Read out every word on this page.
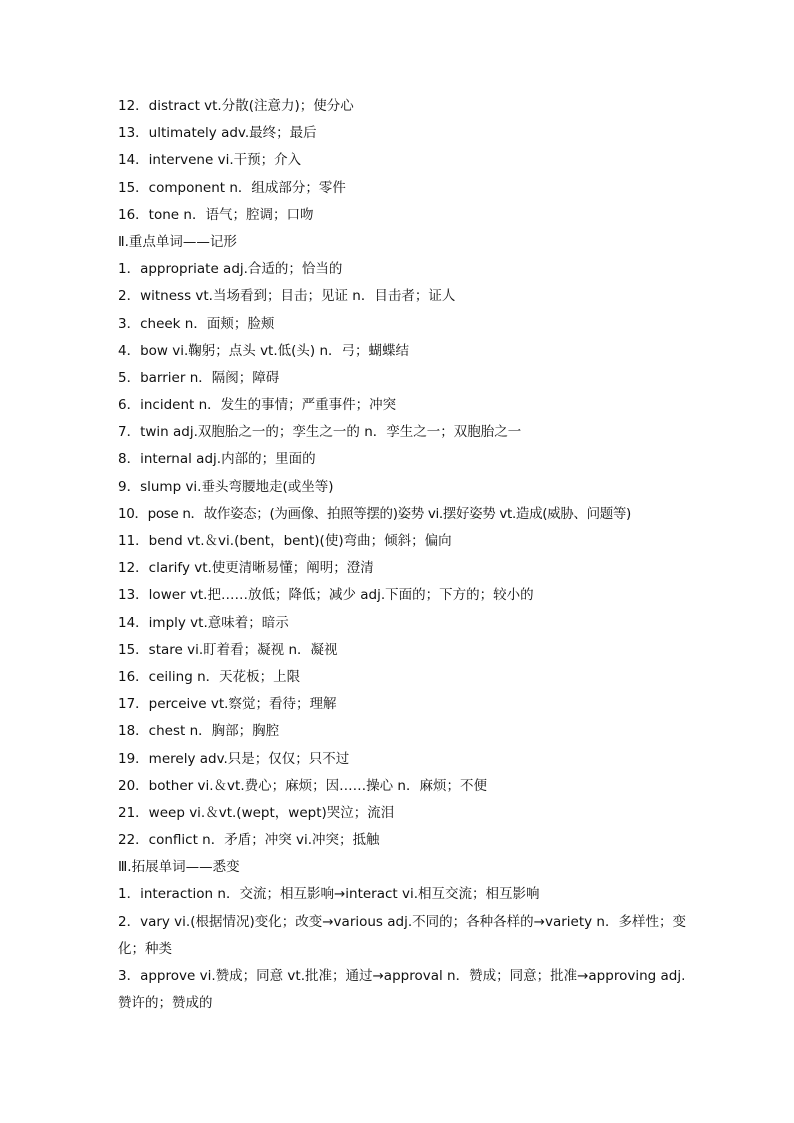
12．distract vt.分散(注意力)；使分心
13．ultimately adv.最终；最后
14．intervene vi.干预；介入
15．component n．组成部分；零件
16．tone n．语气；腔调；口吻
Ⅱ.重点单词——记形
1．appropriate adj.合适的；恰当的
2．witness vt.当场看到；目击；见证 n．目击者；证人
3．cheek n．面颊；脸颊
4．bow vi.鞠躬；点头 vt.低(头) n．弓；蝴蝶结
5．barrier n．隔阂；障碍
6．incident n．发生的事情；严重事件；冲突
7．twin adj.双胞胎之一的；孪生之一的 n．孪生之一；双胞胎之一
8．internal adj.内部的；里面的
9．slump vi.垂头弯腰地走(或坐等)
10．pose n．故作姿态；(为画像、拍照等摆的)姿势 vi.摆好姿势 vt.造成(威胁、问题等)
11．bend vt.＆vi.(bent，bent)(使)弯曲；倾斜；偏向
12．clarify vt.使更清晰易懂；阐明；澄清
13．lower vt.把……放低；降低；减少 adj.下面的；下方的；较小的
14．imply vt.意味着；暗示
15．stare vi.盯着看；凝视 n．凝视
16．ceiling n．天花板；上限
17．perceive vt.察觉；看待；理解
18．chest n．胸部；胸腔
19．merely adv.只是；仅仅；只不过
20．bother vi.＆vt.费心；麻烦；因……操心 n．麻烦；不便
21．weep vi.＆vt.(wept，wept)哭泣；流泪
22．conflict n．矛盾；冲突 vi.冲突；抵触
Ⅲ.拓展单词——悉变
1．interaction n．交流；相互影响→interact vi.相互交流；相互影响
2．vary vi.(根据情况)变化；改变→various adj.不同的；各种各样的→variety n．多样性；变化；种类
3．approve vi.赞成；同意 vt.批准；通过→approval n．赞成；同意；批准→approving adj.赞许的；赞成的
